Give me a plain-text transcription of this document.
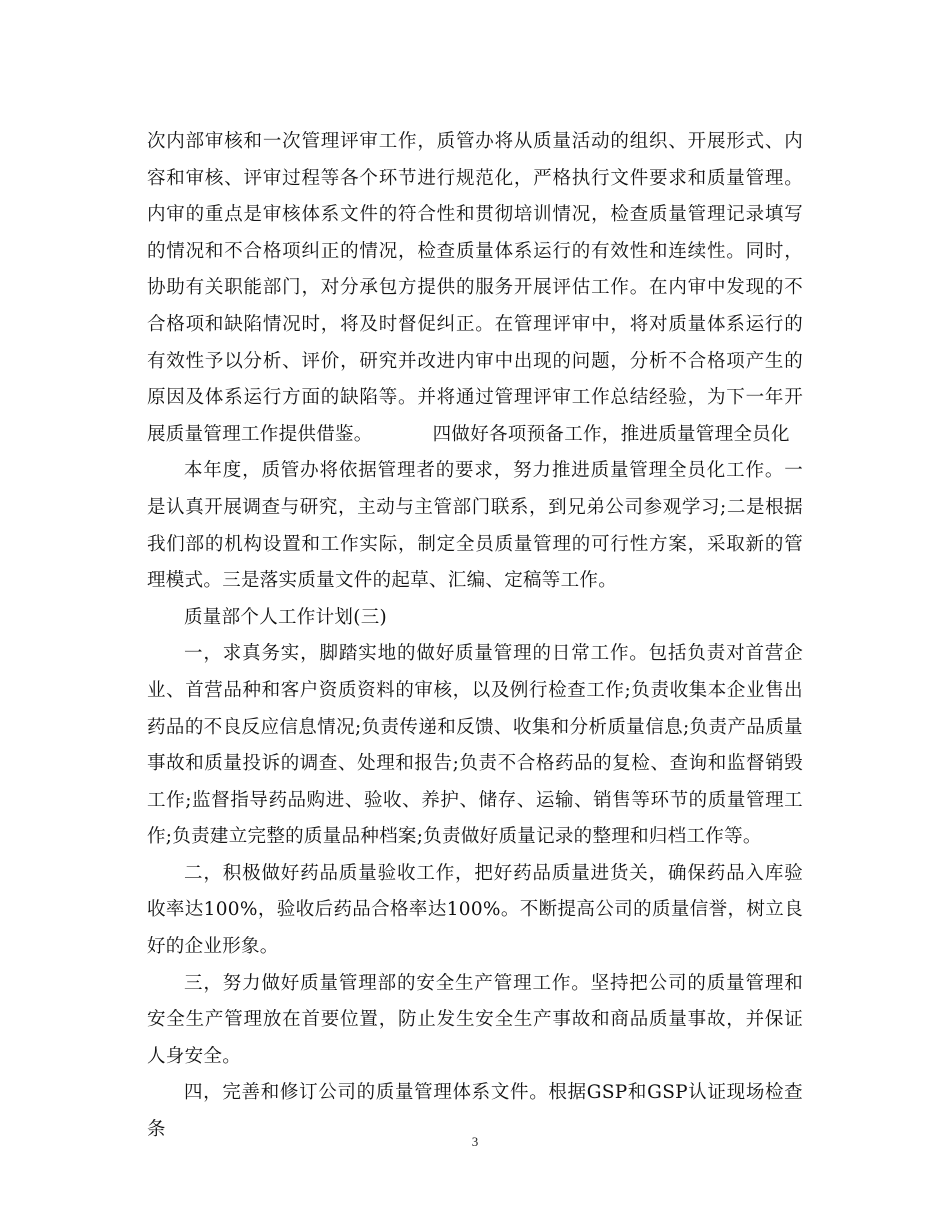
次内部审核和一次管理评审工作，质管办将从质量活动的组织、开展形式、内容和审核、评审过程等各个环节进行规范化，严格执行文件要求和质量管理。内审的重点是审核体系文件的符合性和贯彻培训情况，检查质量管理记录填写的情况和不合格项纠正的情况，检查质量体系运行的有效性和连续性。同时，协助有关职能部门，对分承包方提供的服务开展评估工作。在内审中发现的不合格项和缺陷情况时，将及时督促纠正。在管理评审中，将对质量体系运行的有效性予以分析、评价，研究并改进内审中出现的问题，分析不合格项产生的原因及体系运行方面的缺陷等。并将通过管理评审工作总结经验，为下一年开展质量管理工作提供借鉴。	四做好各项预备工作，推进质量管理全员化

本年度，质管办将依据管理者的要求，努力推进质量管理全员化工作。一是认真开展调查与研究，主动与主管部门联系，到兄弟公司参观学习;二是根据我们部的机构设置和工作实际，制定全员质量管理的可行性方案，采取新的管理模式。三是落实质量文件的起草、汇编、定稿等工作。

质量部个人工作计划(三)

一，求真务实，脚踏实地的做好质量管理的日常工作。包括负责对首营企业、首营品种和客户资质资料的审核，以及例行检查工作;负责收集本企业售出药品的不良反应信息情况;负责传递和反馈、收集和分析质量信息;负责产品质量事故和质量投诉的调查、处理和报告;负责不合格药品的复检、查询和监督销毁工作;监督指导药品购进、验收、养护、储存、运输、销售等环节的质量管理工作;负责建立完整的质量品种档案;负责做好质量记录的整理和归档工作等。

二，积极做好药品质量验收工作，把好药品质量进货关，确保药品入库验收率达100%，验收后药品合格率达100%。不断提高公司的质量信誉，树立良好的企业形象。

三，努力做好质量管理部的安全生产管理工作。坚持把公司的质量管理和安全生产管理放在首要位置，防止发生安全生产事故和商品质量事故，并保证人身安全。

四，完善和修订公司的质量管理体系文件。根据GSP和GSP认证现场检查条

3
